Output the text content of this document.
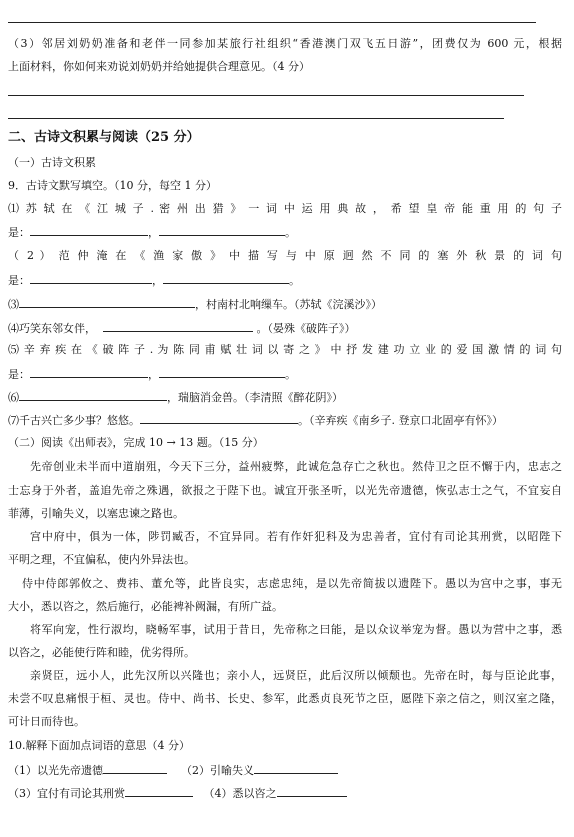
（3）邻居刘奶奶准备和老伴一同参加某旅行社组织“香港澳门双飞五日游”，团费仅为 600 元，根据
上面材料，你如何来劝说刘奶奶并给她提供合理意见。（4 分）
二、古诗文积累与阅读（25 分）
（一）古诗文积累
9．古诗文默写填空。（10 分，每空 1 分）
⑴ 苏 轼 在 《 江 城 子 . 密 州 出 猎 》 一 词 中 运 用 典 故 ， 希 望 皇 帝 能 重 用 的 句 子
是：	，	。
（ 2 ） 范 仲 淹 在 《 渔 家 傲 》 中 描 写 与 中 原 迥 然 不 同 的 塞 外 秋 景 的 词 句
是：	，	。
⑶	，村南村北响缫车。（苏轼《浣溪沙》）
⑷巧笑东邻女伴，	。（晏殊《破阵子》）
⑸ 辛 弃 疾 在 《 破 阵 子 . 为 陈 同 甫 赋 壮 词 以 寄 之 》 中 抒 发 建 功 立 业 的 爱 国 激 情 的 词 句
是：	，	。
⑹	，瑞脑消金兽。（李清照《醉花阴》）
⑺千古兴亡多少事？悠悠。	。（辛弃疾《南乡子. 登京口北固亭有怀》）
（二）阅读《出师表》，完成 10 → 13 题。（15 分）
先帝创业未半而中道崩殂，今天下三分，益州疲弊，此诚危急存亡之秋也。然侍卫之臣不懈于内，忠志之
士忘身于外者，盖追先帝之殊遇，欲报之于陛下也。诚宜开张圣听，以光先帝遗德，恢弘志士之气，不宜妄自
菲薄，引喻失义，以塞忠谏之路也。
宫中府中，俱为一体，陟罚臧否，不宜异同。若有作奸犯科及为忠善者，宜付有司论其刑赏，以昭陛下
平明之理，不宜偏私，使内外异法也。
侍中侍郎郭攸之、费祎、董允等，此皆良实，志虑忠纯，是以先帝简拔以遗陛下。愚以为宫中之事，事无
大小，悉以咨之，然后施行，必能裨补阙漏，有所广益。
将军向宠，性行淑均，晓畅军事，试用于昔日，先帝称之曰能，是以众议举宠为督。愚以为营中之事，悉
以咨之，必能使行阵和睦，优劣得所。
亲贤臣，远小人，此先汉所以兴隆也；亲小人，远贤臣，此后汉所以倾颓也。先帝在时，每与臣论此事，
未尝不叹息痛恨于桓、灵也。侍中、尚书、长史、参军，此悉贞良死节之臣，愿陛下亲之信之，则汉室之隆，
可计日而待也。
10.解释下面加点词语的意思（4 分）
（1）以光先帝遗德	（2）引喻失义
（3）宜付有司论其刑赏	（4）悉以咨之
